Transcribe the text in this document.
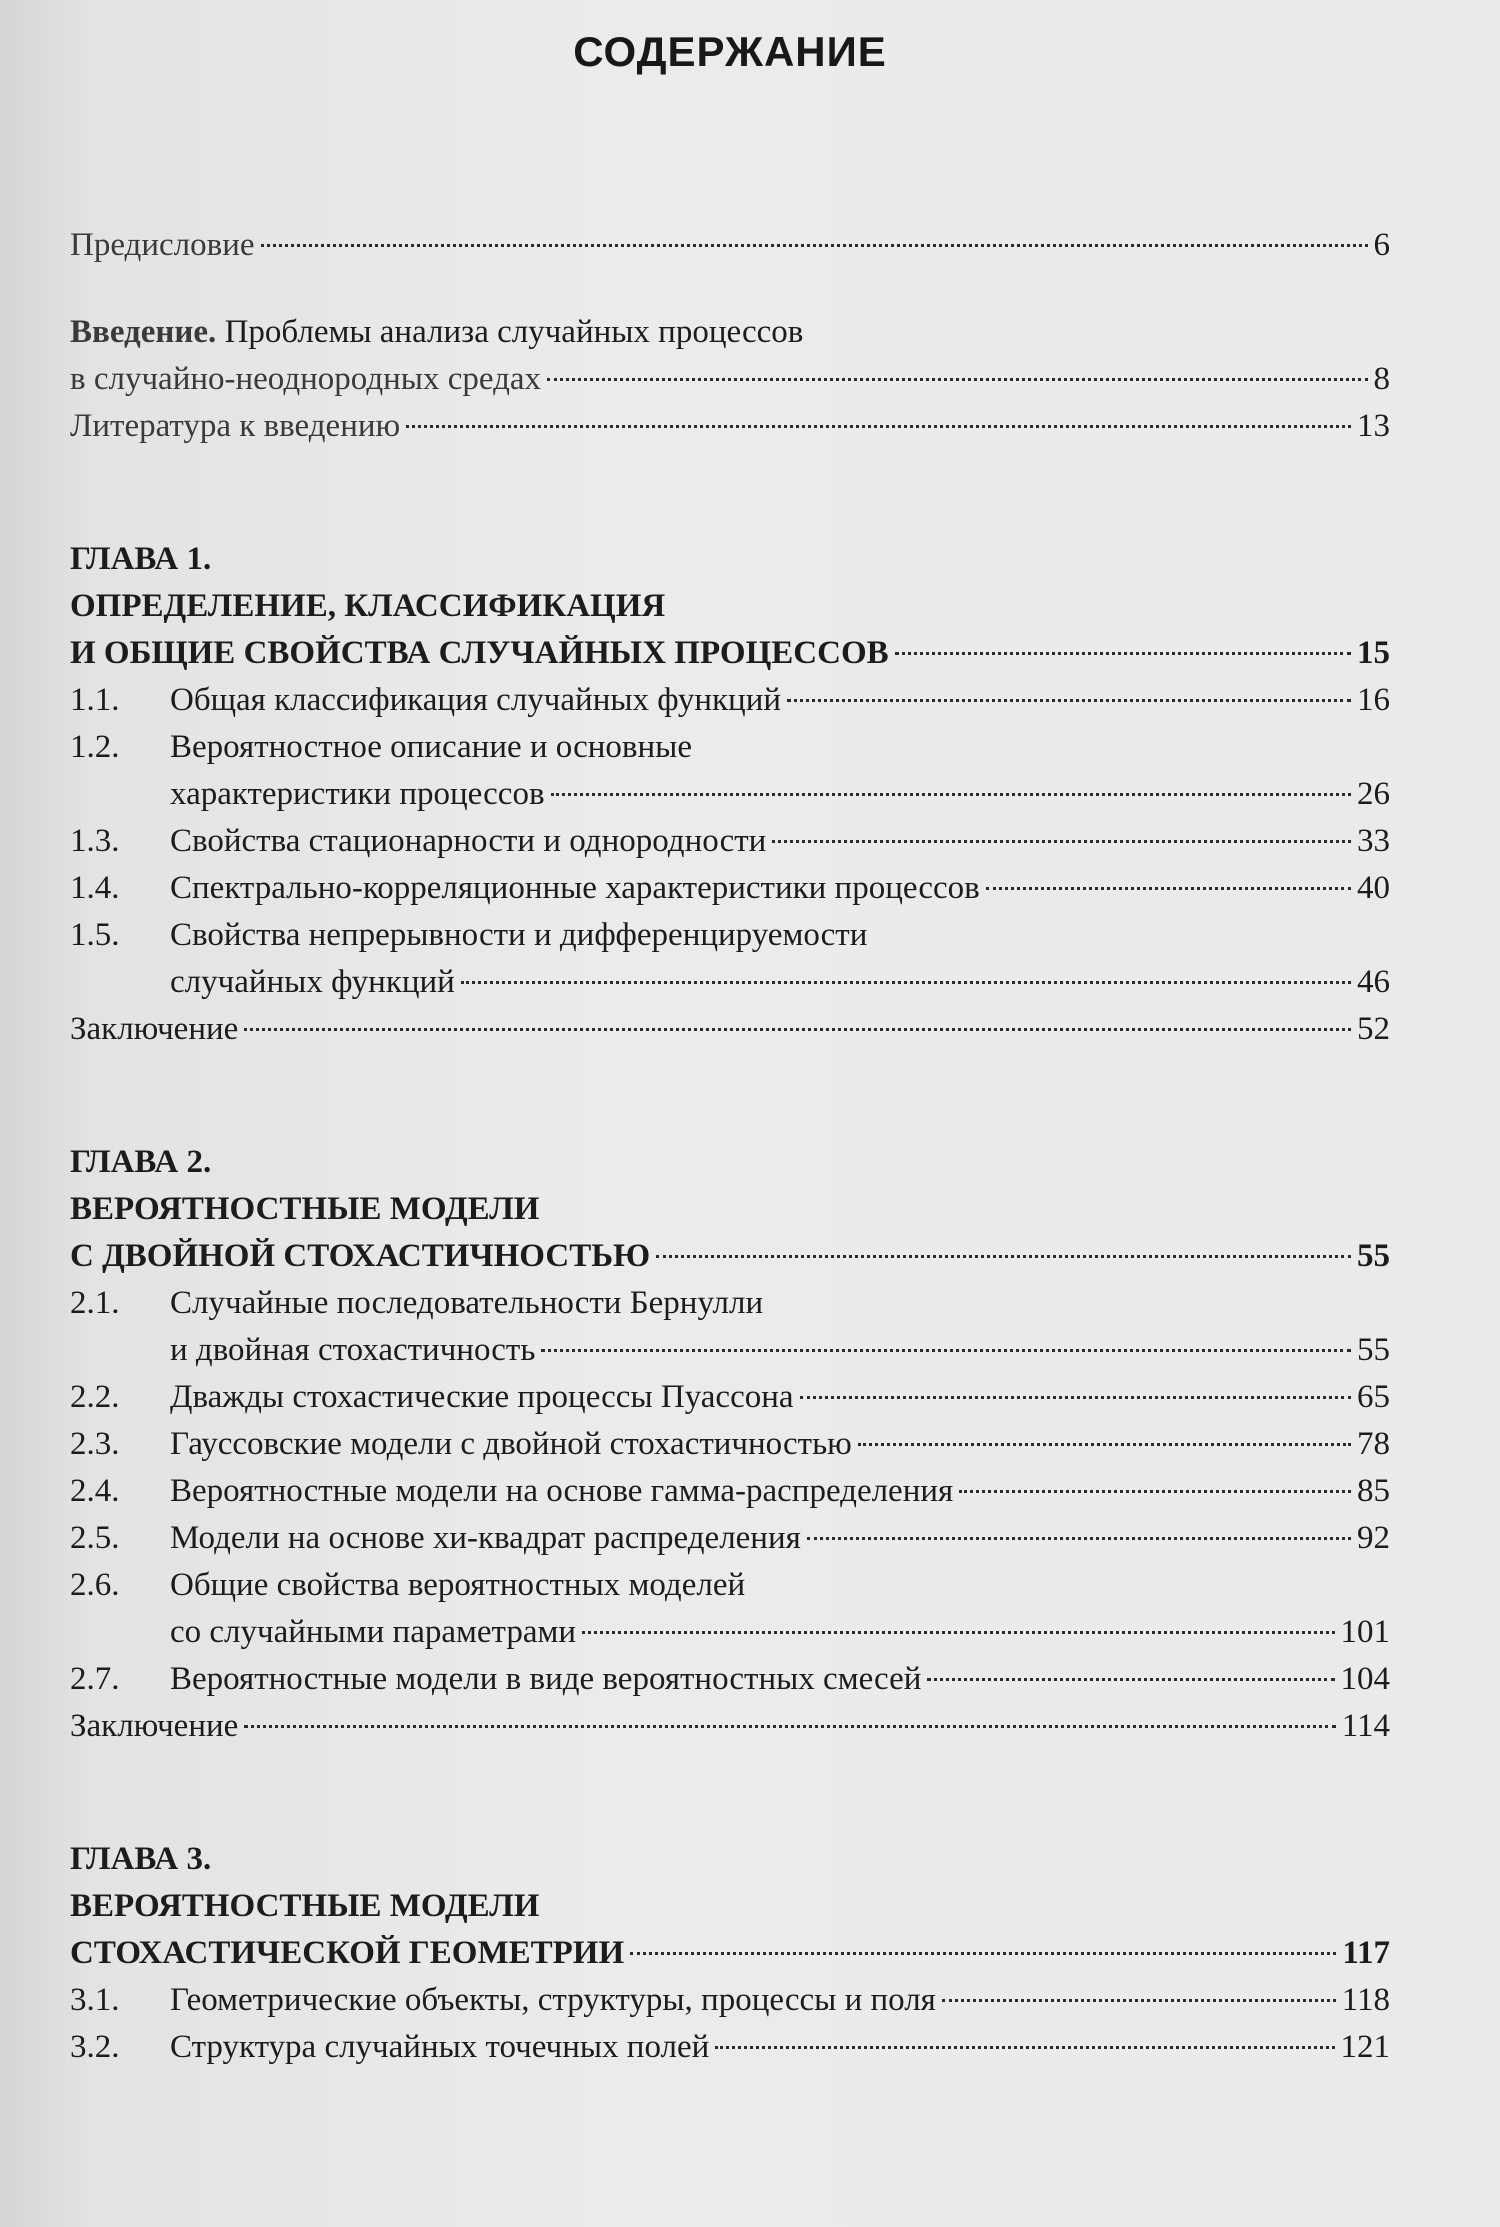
СОДЕРЖАНИЕ
Предисловие	6
Введение. Проблемы анализа случайных процессов
в случайно-неоднородных средах	8
Литература к введению	13
ГЛАВА 1.
ОПРЕДЕЛЕНИЕ, КЛАССИФИКАЦИЯ
И ОБЩИЕ СВОЙСТВА СЛУЧАЙНЫХ ПРОЦЕССОВ	15
1.1.	Общая классификация случайных функций	16
1.2.	Вероятностное описание и основные
характеристики процессов	26
1.3.	Свойства стационарности и однородности	33
1.4.	Спектрально-корреляционные характеристики процессов	40
1.5.	Свойства непрерывности и дифференцируемости
случайных функций	46
Заключение	52
ГЛАВА 2.
ВЕРОЯТНОСТНЫЕ МОДЕЛИ
С ДВОЙНОЙ СТОХАСТИЧНОСТЬЮ	55
2.1.	Случайные последовательности Бернулли
и двойная стохастичность	55
2.2.	Дважды стохастические процессы Пуассона	65
2.3.	Гауссовские модели с двойной стохастичностью	78
2.4.	Вероятностные модели на основе гамма-распределения	85
2.5.	Модели на основе хи-квадрат распределения	92
2.6.	Общие свойства вероятностных моделей
со случайными параметрами	101
2.7.	Вероятностные модели в виде вероятностных смесей	104
Заключение	114
ГЛАВА 3.
ВЕРОЯТНОСТНЫЕ МОДЕЛИ
СТОХАСТИЧЕСКОЙ ГЕОМЕТРИИ	117
3.1.	Геометрические объекты, структуры, процессы и поля	118
3.2.	Структура случайных точечных полей	121
